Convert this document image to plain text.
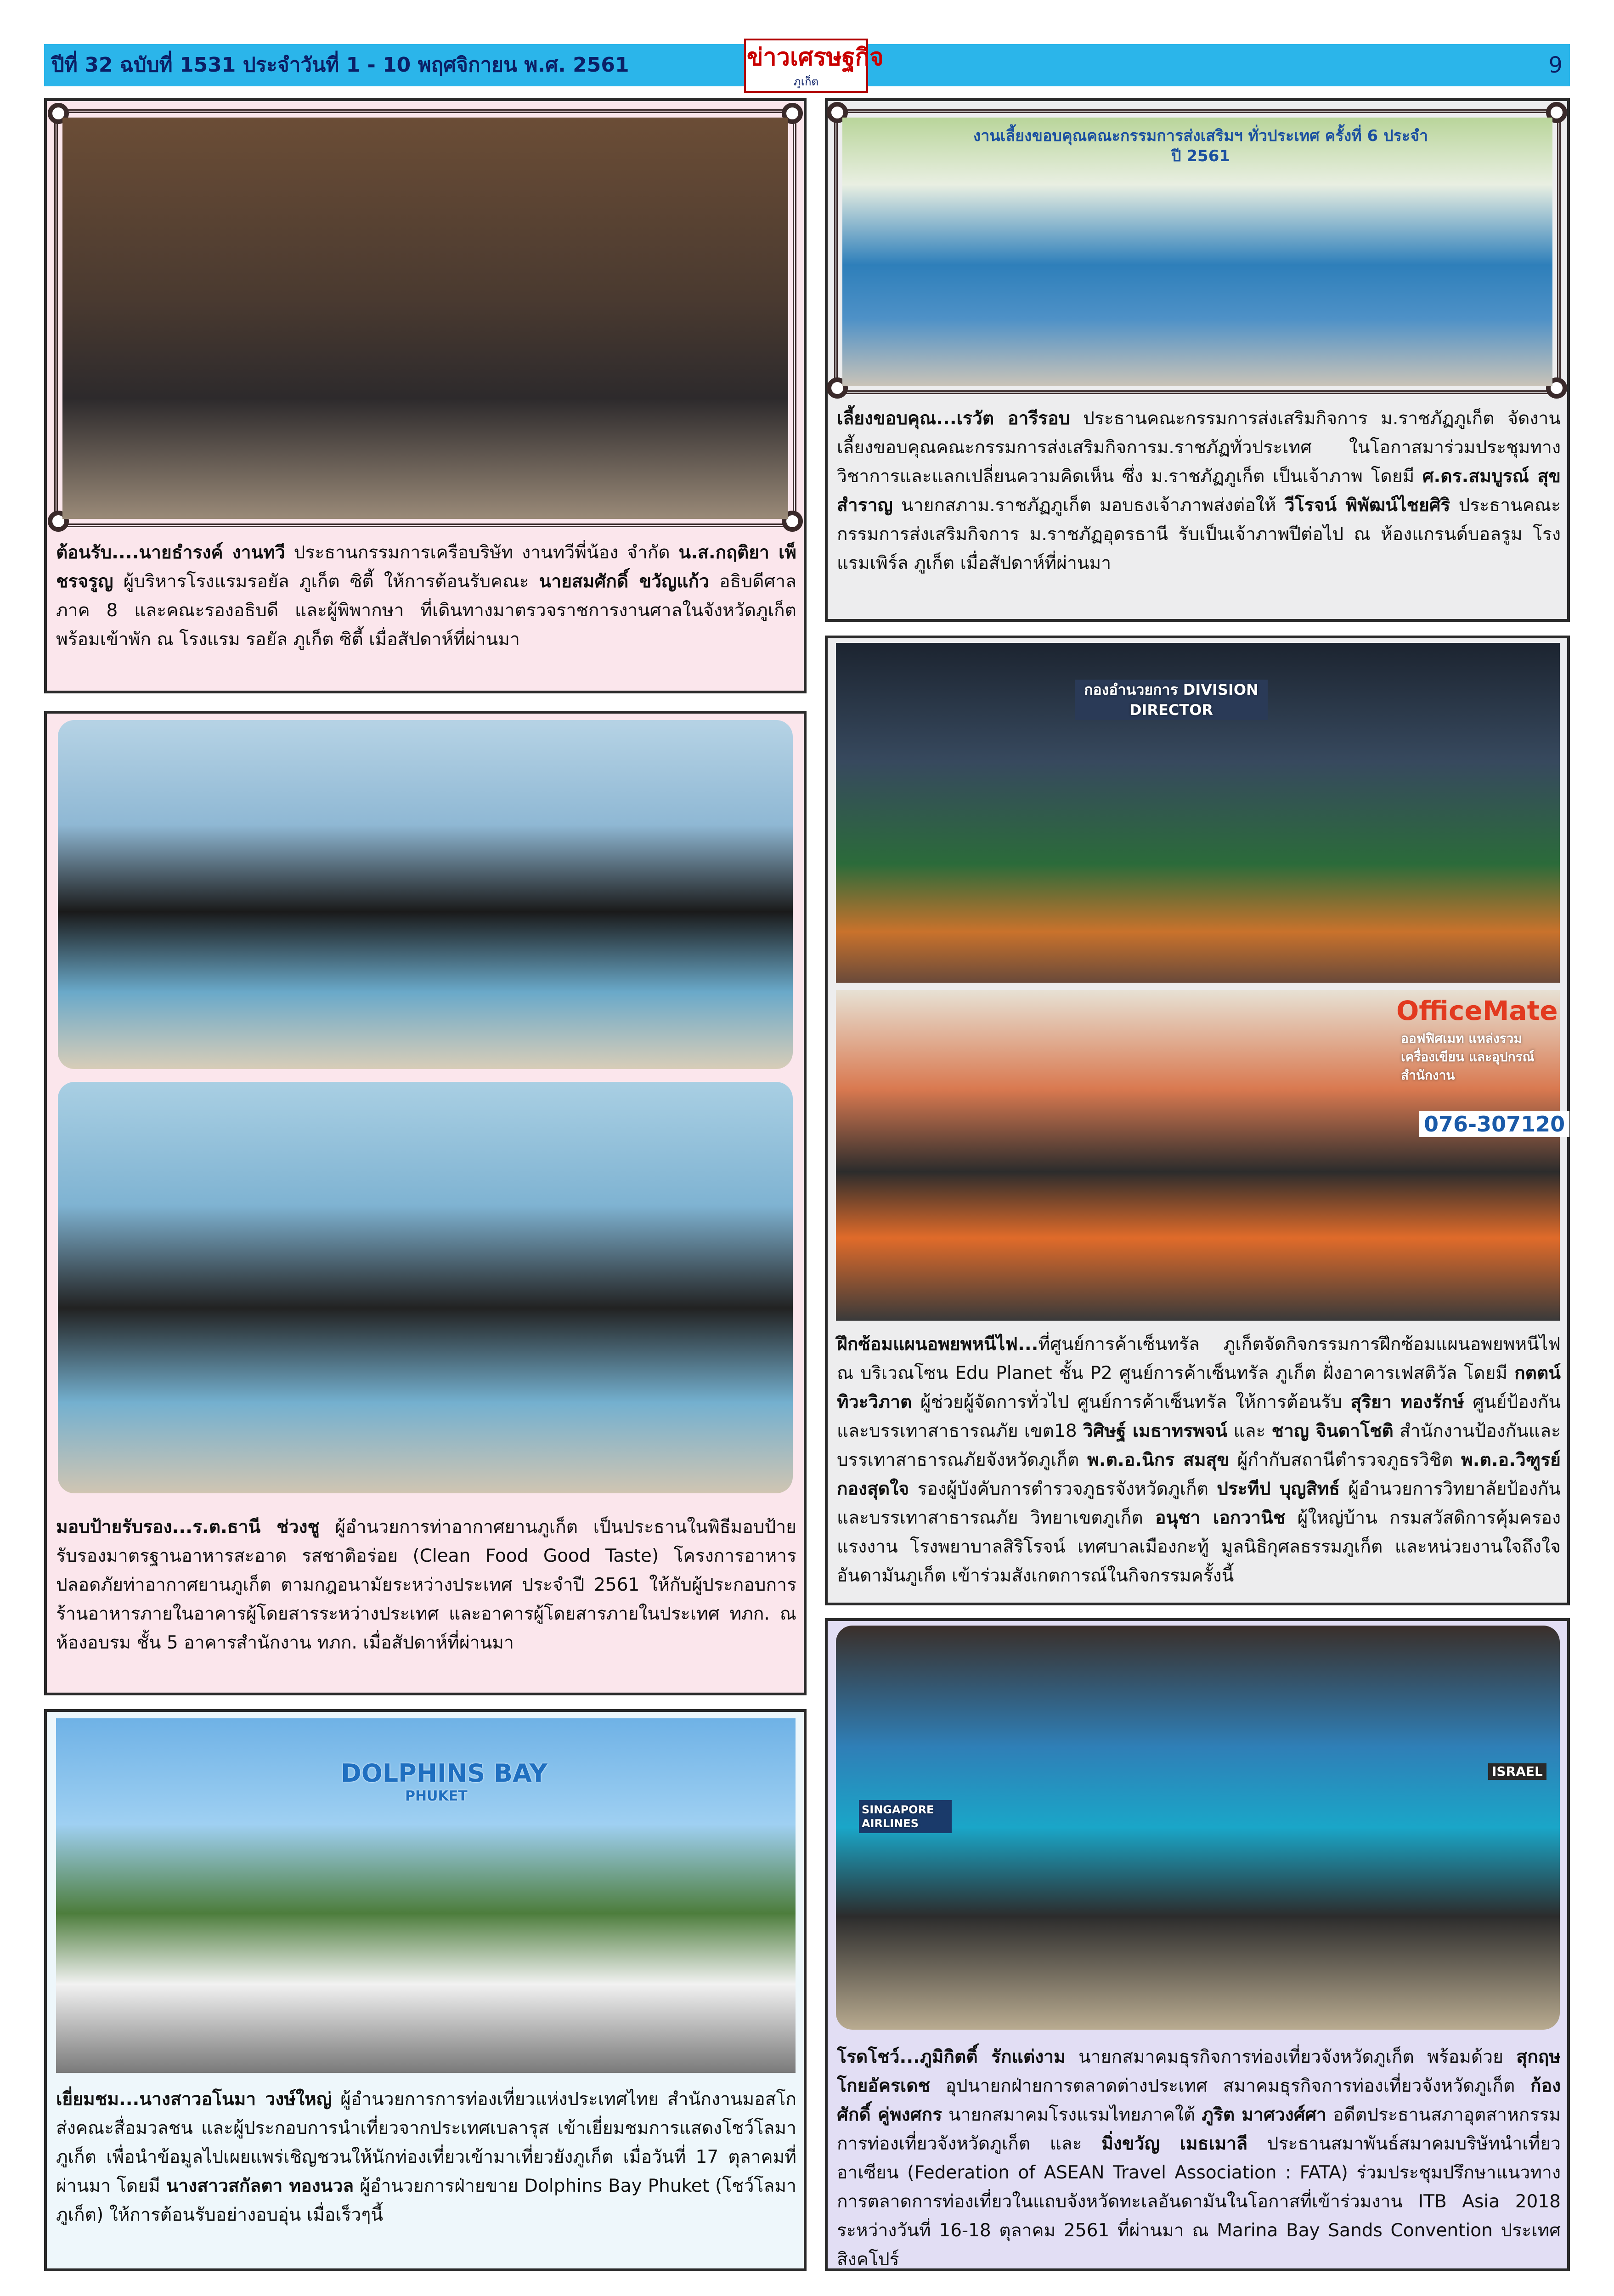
ปีที่ 32 ฉบับที่ 1531 ประจำวันที่ 1 - 10 พฤศจิกายน พ.ศ. 2561	9
ข่าวเศรษฐกิจ
ภูเก็ต
ต้อนรับ....นายธำรงค์ งานทวี ประธานกรรมการเครือบริษัท งานทวีพี่น้อง จำกัด น.ส.กฤติยา เพ็ชรจรูญ ผู้บริหารโรงแรมรอยัล ภูเก็ต ซิตี้ ให้การต้อนรับคณะ นายสมศักดิ์ ขวัญแก้ว อธิบดีศาลภาค 8 และคณะรองอธิบดี และผู้พิพากษา ที่เดินทางมาตรวจราชการงานศาลในจังหวัดภูเก็ต พร้อมเข้าพัก ณ โรงแรม รอยัล ภูเก็ต ซิตี้ เมื่อสัปดาห์ที่ผ่านมา
งานเลี้ยงขอบคุณคณะกรรมการส่งเสริมฯ ทั่วประเทศ ครั้งที่ 6 ประจำปี 2561
เลี้ยงขอบคุณ...เรวัต อารีรอบ ประธานคณะกรรมการส่งเสริมกิจการ ม.ราชภัฏภูเก็ต จัดงานเลี้ยงขอบคุณคณะกรรมการส่งเสริมกิจการม.ราชภัฏทั่วประเทศ ในโอกาสมาร่วมประชุมทางวิชาการและแลกเปลี่ยนความคิดเห็น ซึ่ง ม.ราชภัฏภูเก็ต เป็นเจ้าภาพ โดยมี ศ.ดร.สมบูรณ์ สุขสำราญ นายกสภาม.ราชภัฏภูเก็ต มอบธงเจ้าภาพส่งต่อให้ วีโรจน์ พิพัฒน์ไชยศิริ ประธานคณะกรรมการส่งเสริมกิจการ ม.ราชภัฏอุดรธานี รับเป็นเจ้าภาพปีต่อไป ณ ห้องแกรนด์บอลรูม โรงแรมเพิร์ล ภูเก็ต เมื่อสัปดาห์ที่ผ่านมา
มอบป้ายรับรอง...ร.ต.ธานี ช่วงชู ผู้อำนวยการท่าอากาศยานภูเก็ต เป็นประธานในพิธีมอบป้ายรับรองมาตรฐานอาหารสะอาด รสชาติอร่อย (Clean Food Good Taste) โครงการอาหารปลอดภัยท่าอากาศยานภูเก็ต ตามกฎอนามัยระหว่างประเทศ ประจำปี 2561 ให้กับผู้ประกอบการร้านอาหารภายในอาคารผู้โดยสารระหว่างประเทศ และอาคารผู้โดยสารภายในประเทศ ทภก. ณ ห้องอบรม ชั้น 5 อาคารสำนักงาน ทภก. เมื่อสัปดาห์ที่ผ่านมา
กองอำนวยการ DIVISION DIRECTOR
OfficeMate
ออฟฟิศเมท แหล่งรวมเครื่องเขียน และอุปกรณ์สำนักงาน
076-307120
ฝึกซ้อมแผนอพยพหนีไฟ...ที่ศูนย์การค้าเซ็นทรัล ภูเก็ตจัดกิจกรรมการฝึกซ้อมแผนอพยพหนีไฟ ณ บริเวณโซน Edu Planet ชั้น P2 ศูนย์การค้าเซ็นทรัล ภูเก็ต ฝั่งอาคารเฟสติวัล โดยมี กตตน์ ทิวะวิภาต ผู้ช่วยผู้จัดการทั่วไป ศูนย์การค้าเซ็นทรัล ให้การต้อนรับ สุริยา ทองรักษ์ ศูนย์ป้องกันและบรรเทาสาธารณภัย เขต18 วิศิษฐ์ เมธาทรพจน์ และ ชาญ จินดาโชติ สำนักงานป้องกันและบรรเทาสาธารณภัยจังหวัดภูเก็ต พ.ต.อ.นิกร สมสุข ผู้กำกับสถานีตำรวจภูธรวิชิต พ.ต.อ.วิฑูรย์ กองสุดใจ รองผู้บังคับการตำรวจภูธรจังหวัดภูเก็ต ประทีป บุญสิทธ์ ผู้อำนวยการวิทยาลัยป้องกันและบรรเทาสาธารณภัย วิทยาเขตภูเก็ต อนุชา เอกวานิช ผู้ใหญ่บ้าน กรมสวัสดิการคุ้มครองแรงงาน โรงพยาบาลสิริโรจน์ เทศบาลเมืองกะทู้ มูลนิธิกุศลธรรมภูเก็ต และหน่วยงานใจถึงใจ อันดามันภูเก็ต เข้าร่วมสังเกตการณ์ในกิจกรรมครั้งนี้
DOLPHINS BAY
PHUKET
เยี่ยมชม...นางสาวอโนมา วงษ์ใหญ่ ผู้อำนวยการการท่องเที่ยวแห่งประเทศไทย สำนักงานมอสโก ส่งคณะสื่อมวลชน และผู้ประกอบการนำเที่ยวจากประเทศเบลารุส เข้าเยี่ยมชมการแสดงโชว์โลมาภูเก็ต เพื่อนำข้อมูลไปเผยแพร่เชิญชวนให้นักท่องเที่ยวเข้ามาเที่ยวยังภูเก็ต เมื่อวันที่ 17 ตุลาคมที่ผ่านมา โดยมี นางสาวสกัลตา ทองนวล ผู้อำนวยการฝ่ายขาย Dolphins Bay Phuket (โชว์โลมาภูเก็ต) ให้การต้อนรับอย่างอบอุ่น เมื่อเร็วๆนี้
SINGAPORE AIRLINES
ISRAEL
โรดโชว์...ภูมิกิตติ์ รักแต่งาม นายกสมาคมธุรกิจการท่องเที่ยวจังหวัดภูเก็ต พร้อมด้วย สุกฤษ โกยอัครเดช อุปนายกฝ่ายการตลาดต่างประเทศ สมาคมธุรกิจการท่องเที่ยวจังหวัดภูเก็ต ก้องศักดิ์ คู่พงศกร นายกสมาคมโรงแรมไทยภาคใต้ ภูริต มาศวงศ์ศา อดีตประธานสภาอุตสาหกรรมการท่องเที่ยวจังหวัดภูเก็ต และ มิ่งขวัญ เมธเมาลี ประธานสมาพันธ์สมาคมบริษัทนำเที่ยวอาเซียน (Federation of ASEAN Travel Association : FATA) ร่วมประชุมปรึกษาแนวทางการตลาดการท่องเที่ยวในแถบจังหวัดทะเลอันดามันในโอกาสที่เข้าร่วมงาน ITB Asia 2018 ระหว่างวันที่ 16-18 ตุลาคม 2561 ที่ผ่านมา ณ Marina Bay Sands Convention ประเทศสิงคโปร์
